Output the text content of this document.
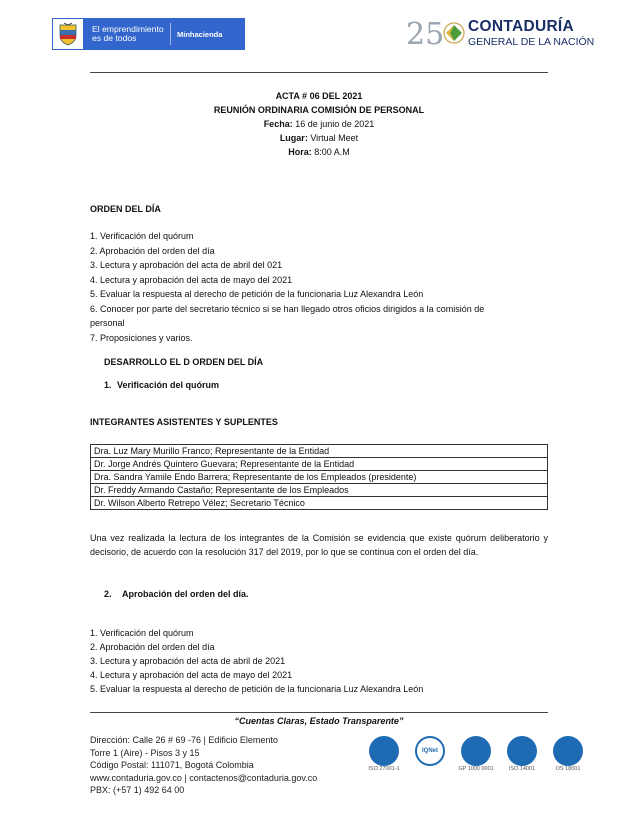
El emprendimiento es de todos	Minhacienda	25 CONTADURÍA
GENERAL DE LA NACIÓN
ACTA # 06 DEL 2021
REUNIÓN ORDINARIA COMISIÓN DE PERSONAL
Fecha: 16 de junio de 2021
Lugar: Virtual Meet
Hora: 8:00 A.M
ORDEN DEL DÍA
1. Verificación del quórum
2. Aprobación del orden del día
3. Lectura y aprobación del acta de abril del 021
4. Lectura y aprobación del acta de mayo del 2021
5. Evaluar la respuesta al derecho de petición de la funcionaria Luz Alexandra León
6. Conocer por parte del secretario técnico si se han llegado otros oficios dirigidos a la comisión de
personal
7. Proposiciones y varios.
DESARROLLO EL D ORDEN DEL DÍA
1. Verificación del quórum
INTEGRANTES ASISTENTES Y SUPLENTES
Dra. Luz Mary Murillo Franco; Representante de la Entidad
Dr. Jorge Andrés Quintero Guevara; Representante de la Entidad
Dra. Sandra Yamile Endo Barrera; Representante de los Empleados (presidente)
Dr. Freddy Armando Castaño; Representante de los Empleados
Dr. Wilson Alberto Retrepo Vélez; Secretario Técnico
Una vez realizada la lectura de los integrantes de la Comisión se evidencia que existe quórum deliberatorio y decisorio, de acuerdo con la resolución 317 del 2019, por lo que se continua con el orden del día.
2. Aprobación del orden del día.
1. Verificación del quórum
2. Aprobación del orden del día
3. Lectura y aprobación del acta de abril de 2021
4. Lectura y aprobación del acta de mayo del 2021
5. Evaluar la respuesta al derecho de petición de la funcionaria Luz Alexandra León
“Cuentas Claras, Estado Transparente”
Dirección: Calle 26 # 69 -76 | Edificio Elemento
Torre 1 (Aire) - Pisos 3 y 15
Código Postal: 111071, Bogotá Colombia
www.contaduria.gov.co | contactenos@contaduria.gov.co
PBX: (+57 1) 492 64 00
ISO 27001-1
IQNet
GP 1000 0001	ISO 14001	OS 18001
